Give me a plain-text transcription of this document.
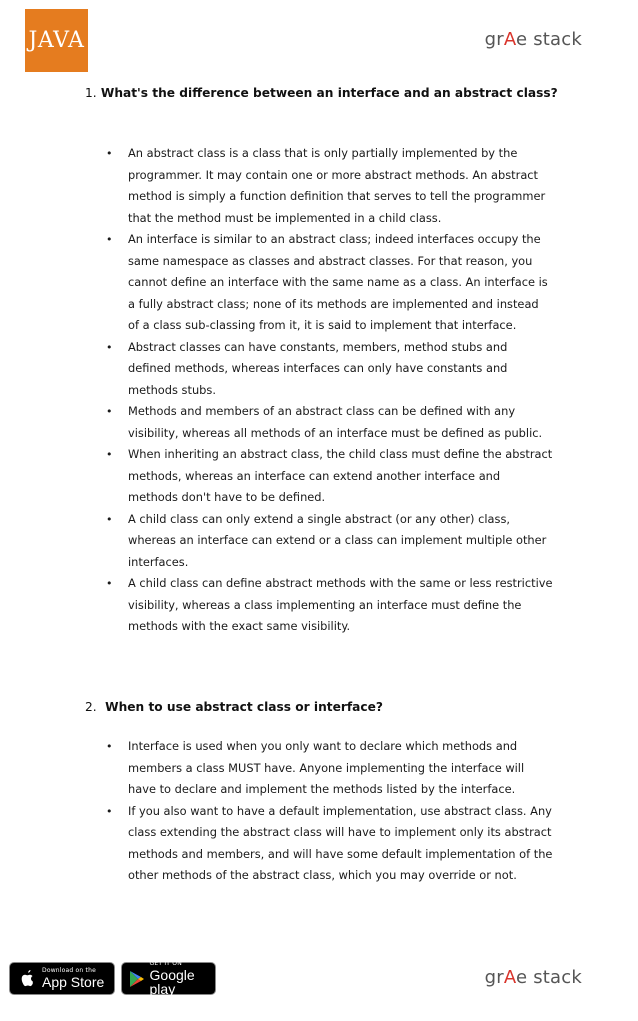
JAVA	grAe stack
1. What's the difference between an interface and an abstract class?
• An abstract class is a class that is only partially implemented by the programmer. It may contain one or more abstract methods. An abstract method is simply a function definition that serves to tell the programmer that the method must be implemented in a child class.
• An interface is similar to an abstract class; indeed interfaces occupy the same namespace as classes and abstract classes. For that reason, you cannot define an interface with the same name as a class. An interface is a fully abstract class; none of its methods are implemented and instead of a class sub-classing from it, it is said to implement that interface.
• Abstract classes can have constants, members, method stubs and defined methods, whereas interfaces can only have constants and methods stubs.
• Methods and members of an abstract class can be defined with any visibility, whereas all methods of an interface must be defined as public.
• When inheriting an abstract class, the child class must define the abstract methods, whereas an interface can extend another interface and methods don't have to be defined.
• A child class can only extend a single abstract (or any other) class, whereas an interface can extend or a class can implement multiple other interfaces.
• A child class can define abstract methods with the same or less restrictive visibility, whereas a class implementing an interface must define the methods with the exact same visibility.
2. When to use abstract class or interface?
• Interface is used when you only want to declare which methods and members a class MUST have. Anyone implementing the interface will have to declare and implement the methods listed by the interface.
• If you also want to have a default implementation, use abstract class. Any class extending the abstract class will have to implement only its abstract methods and members, and will have some default implementation of the other methods of the abstract class, which you may override or not.
Download on the
App Store
GET IT ON
Google play
grAe stack
